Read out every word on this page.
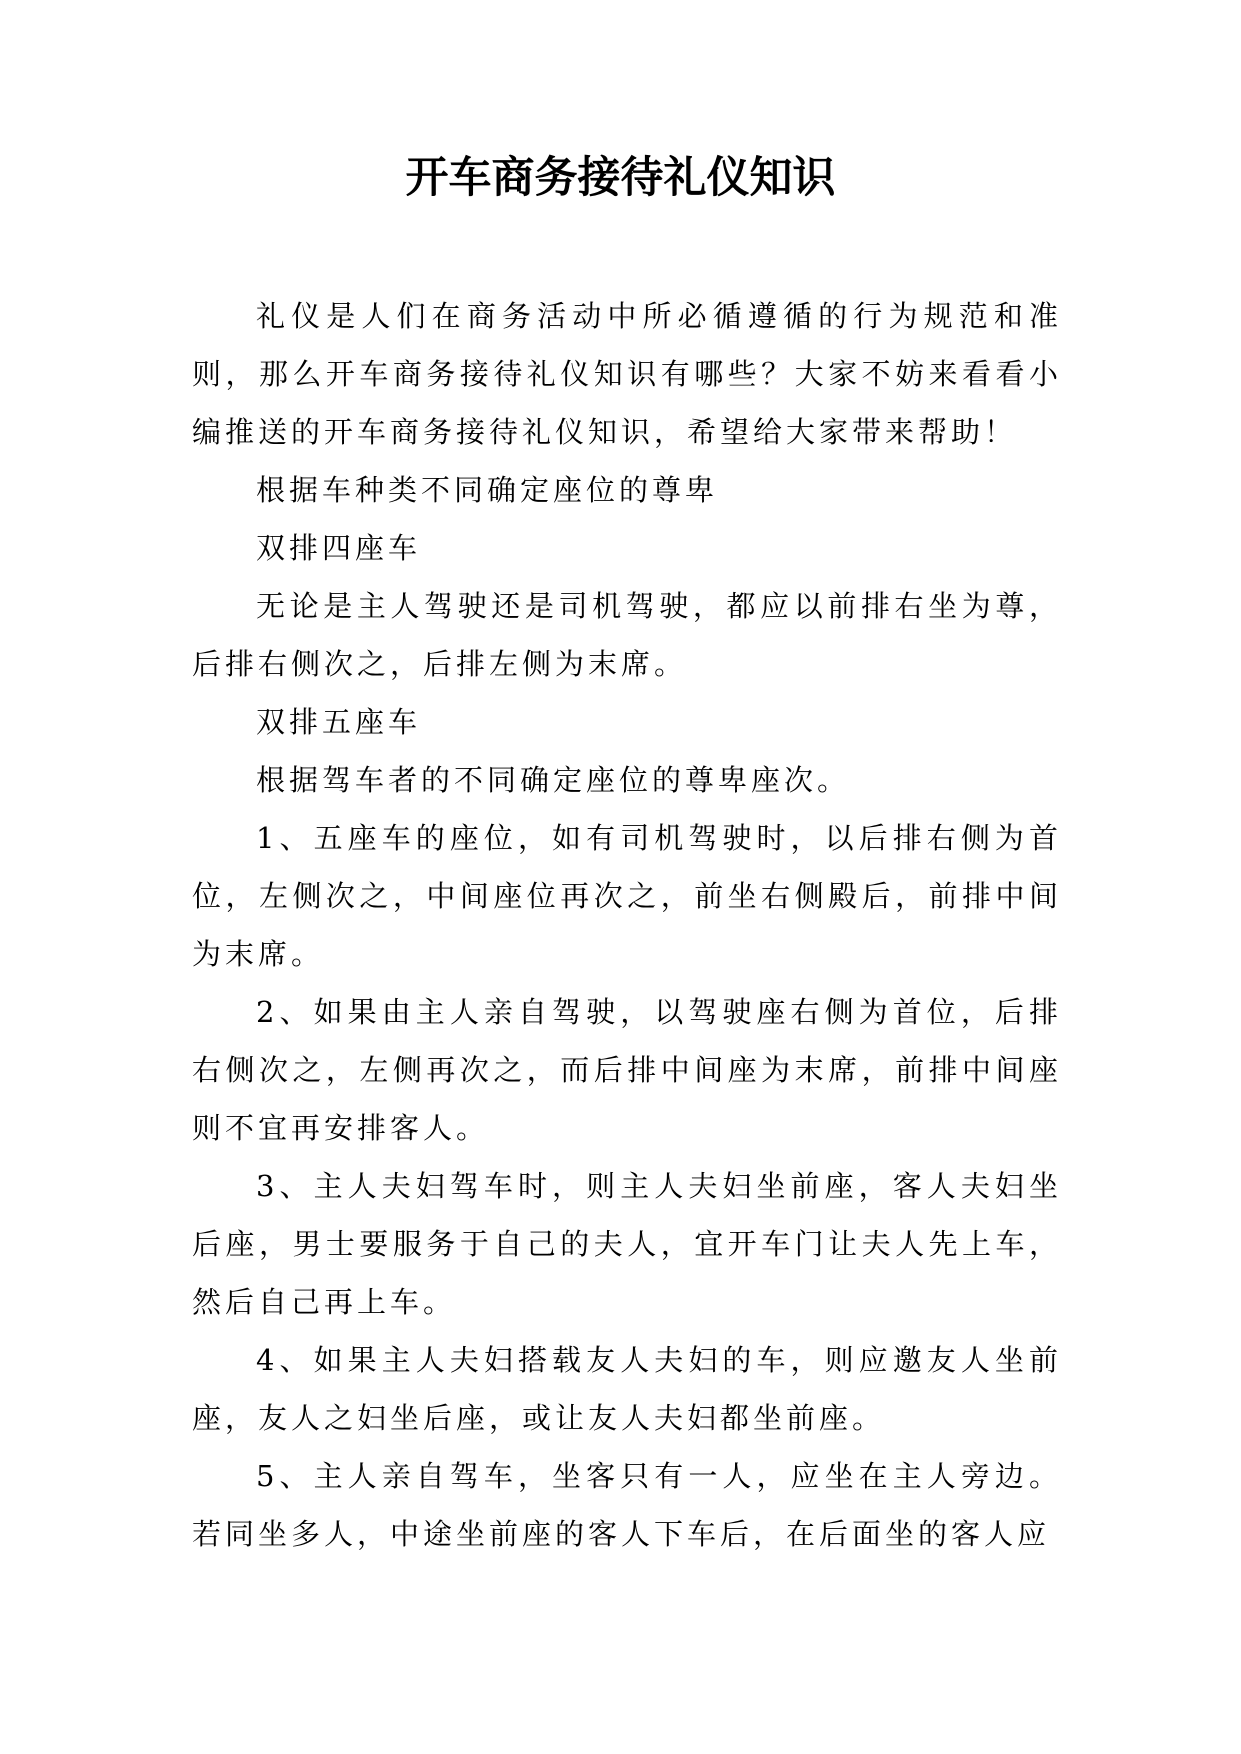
开车商务接待礼仪知识

礼仪是人们在商务活动中所必循遵循的行为规范和准则，那么开车商务接待礼仪知识有哪些？大家不妨来看看小编推送的开车商务接待礼仪知识，希望给大家带来帮助！

根据车种类不同确定座位的尊卑

双排四座车

无论是主人驾驶还是司机驾驶，都应以前排右坐为尊，后排右侧次之，后排左侧为末席。

双排五座车

根据驾车者的不同确定座位的尊卑座次。

1、五座车的座位，如有司机驾驶时，以后排右侧为首位，左侧次之，中间座位再次之，前坐右侧殿后，前排中间为末席。

2、如果由主人亲自驾驶，以驾驶座右侧为首位，后排右侧次之，左侧再次之，而后排中间座为末席，前排中间座则不宜再安排客人。

3、主人夫妇驾车时，则主人夫妇坐前座，客人夫妇坐后座，男士要服务于自己的夫人，宜开车门让夫人先上车，然后自己再上车。

4、如果主人夫妇搭载友人夫妇的车，则应邀友人坐前座，友人之妇坐后座，或让友人夫妇都坐前座。

5、主人亲自驾车，坐客只有一人，应坐在主人旁边。若同坐多人，中途坐前座的客人下车后，在后面坐的客人应
